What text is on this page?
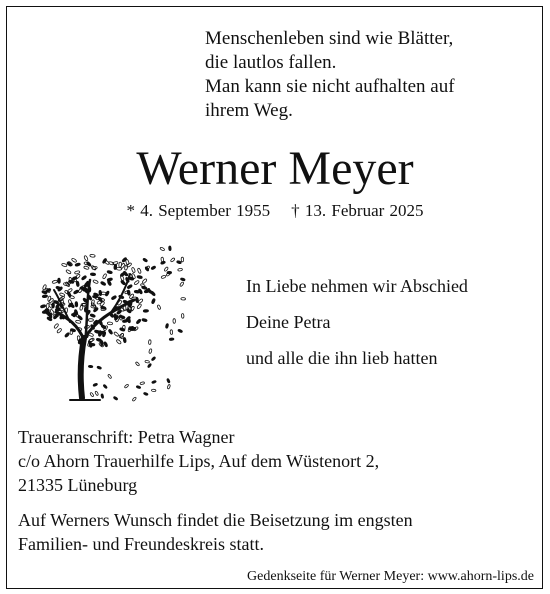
Menschenleben sind wie Blätter,
die lautlos fallen.
Man kann sie nicht aufhalten auf
ihrem Weg.
Werner Meyer
* 4. September 1955 † 13. Februar 2025
In Liebe nehmen wir Abschied
Deine Petra
und alle die ihn lieb hatten
Traueranschrift: Petra Wagner
c/o Ahorn Trauerhilfe Lips, Auf dem Wüstenort 2,
21335 Lüneburg
Auf Werners Wunsch findet die Beisetzung im engsten
Familien- und Freundeskreis statt.
Gedenkseite für Werner Meyer: www.ahorn-lips.de
